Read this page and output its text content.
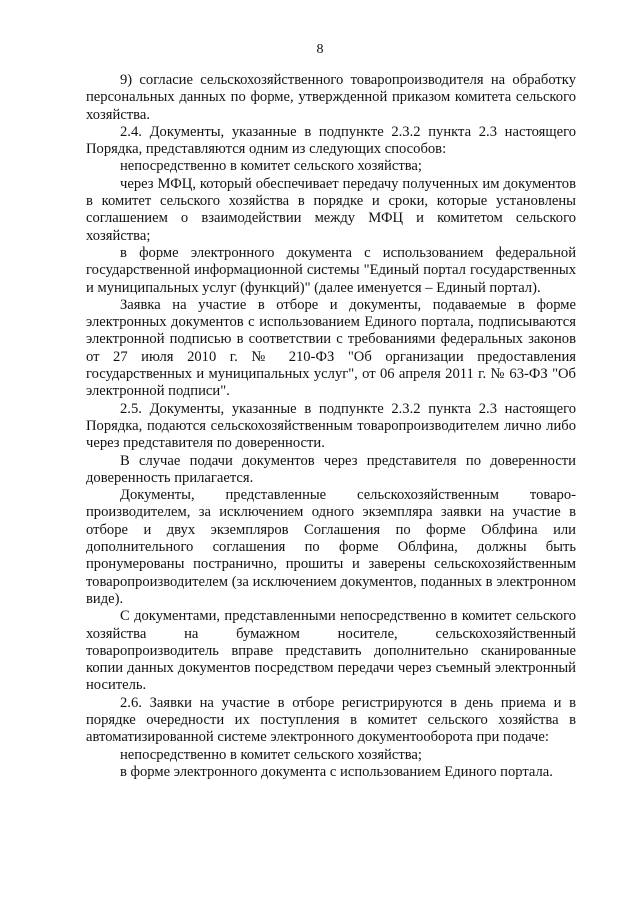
8

9) согласие сельскохозяйственного товаропроизводителя на обработку персональных данных по форме, утвержденной приказом комитета сельского хозяйства.

2.4. Документы, указанные в подпункте 2.3.2 пункта 2.3 настоящего Порядка, представляются одним из следующих способов:

непосредственно в комитет сельского хозяйства;

через МФЦ, который обеспечивает передачу полученных им документов в комитет сельского хозяйства в порядке и сроки, которые установлены соглашением о взаимодействии между МФЦ и комитетом сельского хозяйства;

в форме электронного документа с использованием федеральной государственной информационной системы "Единый портал государственных и муниципальных услуг (функций)" (далее именуется – Единый портал).

Заявка на участие в отборе и документы, подаваемые в форме электронных документов с использованием Единого портала, подписываются электронной подписью в соответствии с требованиями федеральных законов от 27 июля 2010 г. № 210-ФЗ "Об организации предоставления государственных и муниципальных услуг", от 06 апреля 2011 г. № 63-ФЗ "Об электронной подписи".

2.5. Документы, указанные в подпункте 2.3.2 пункта 2.3 настоящего Порядка, подаются сельскохозяйственным товаропроизводителем лично либо через представителя по доверенности.

В случае подачи документов через представителя по доверенности доверенность прилагается.

Документы, представленные сельскохозяйственным товаро-производителем, за исключением одного экземпляра заявки на участие в отборе и двух экземпляров Соглашения по форме Облфина или дополнительного соглашения по форме Облфина, должны быть пронумерованы постранично, прошиты и заверены сельскохозяйственным товаропроизводителем (за исключением документов, поданных в электронном виде).

С документами, представленными непосредственно в комитет сельского хозяйства на бумажном носителе, сельскохозяйственный товаропроизводитель вправе представить дополнительно сканированные копии данных документов посредством передачи через съемный электронный носитель.

2.6. Заявки на участие в отборе регистрируются в день приема и в порядке очередности их поступления в комитет сельского хозяйства в автоматизированной системе электронного документооборота при подаче:

непосредственно в комитет сельского хозяйства;

в форме электронного документа с использованием Единого портала.
